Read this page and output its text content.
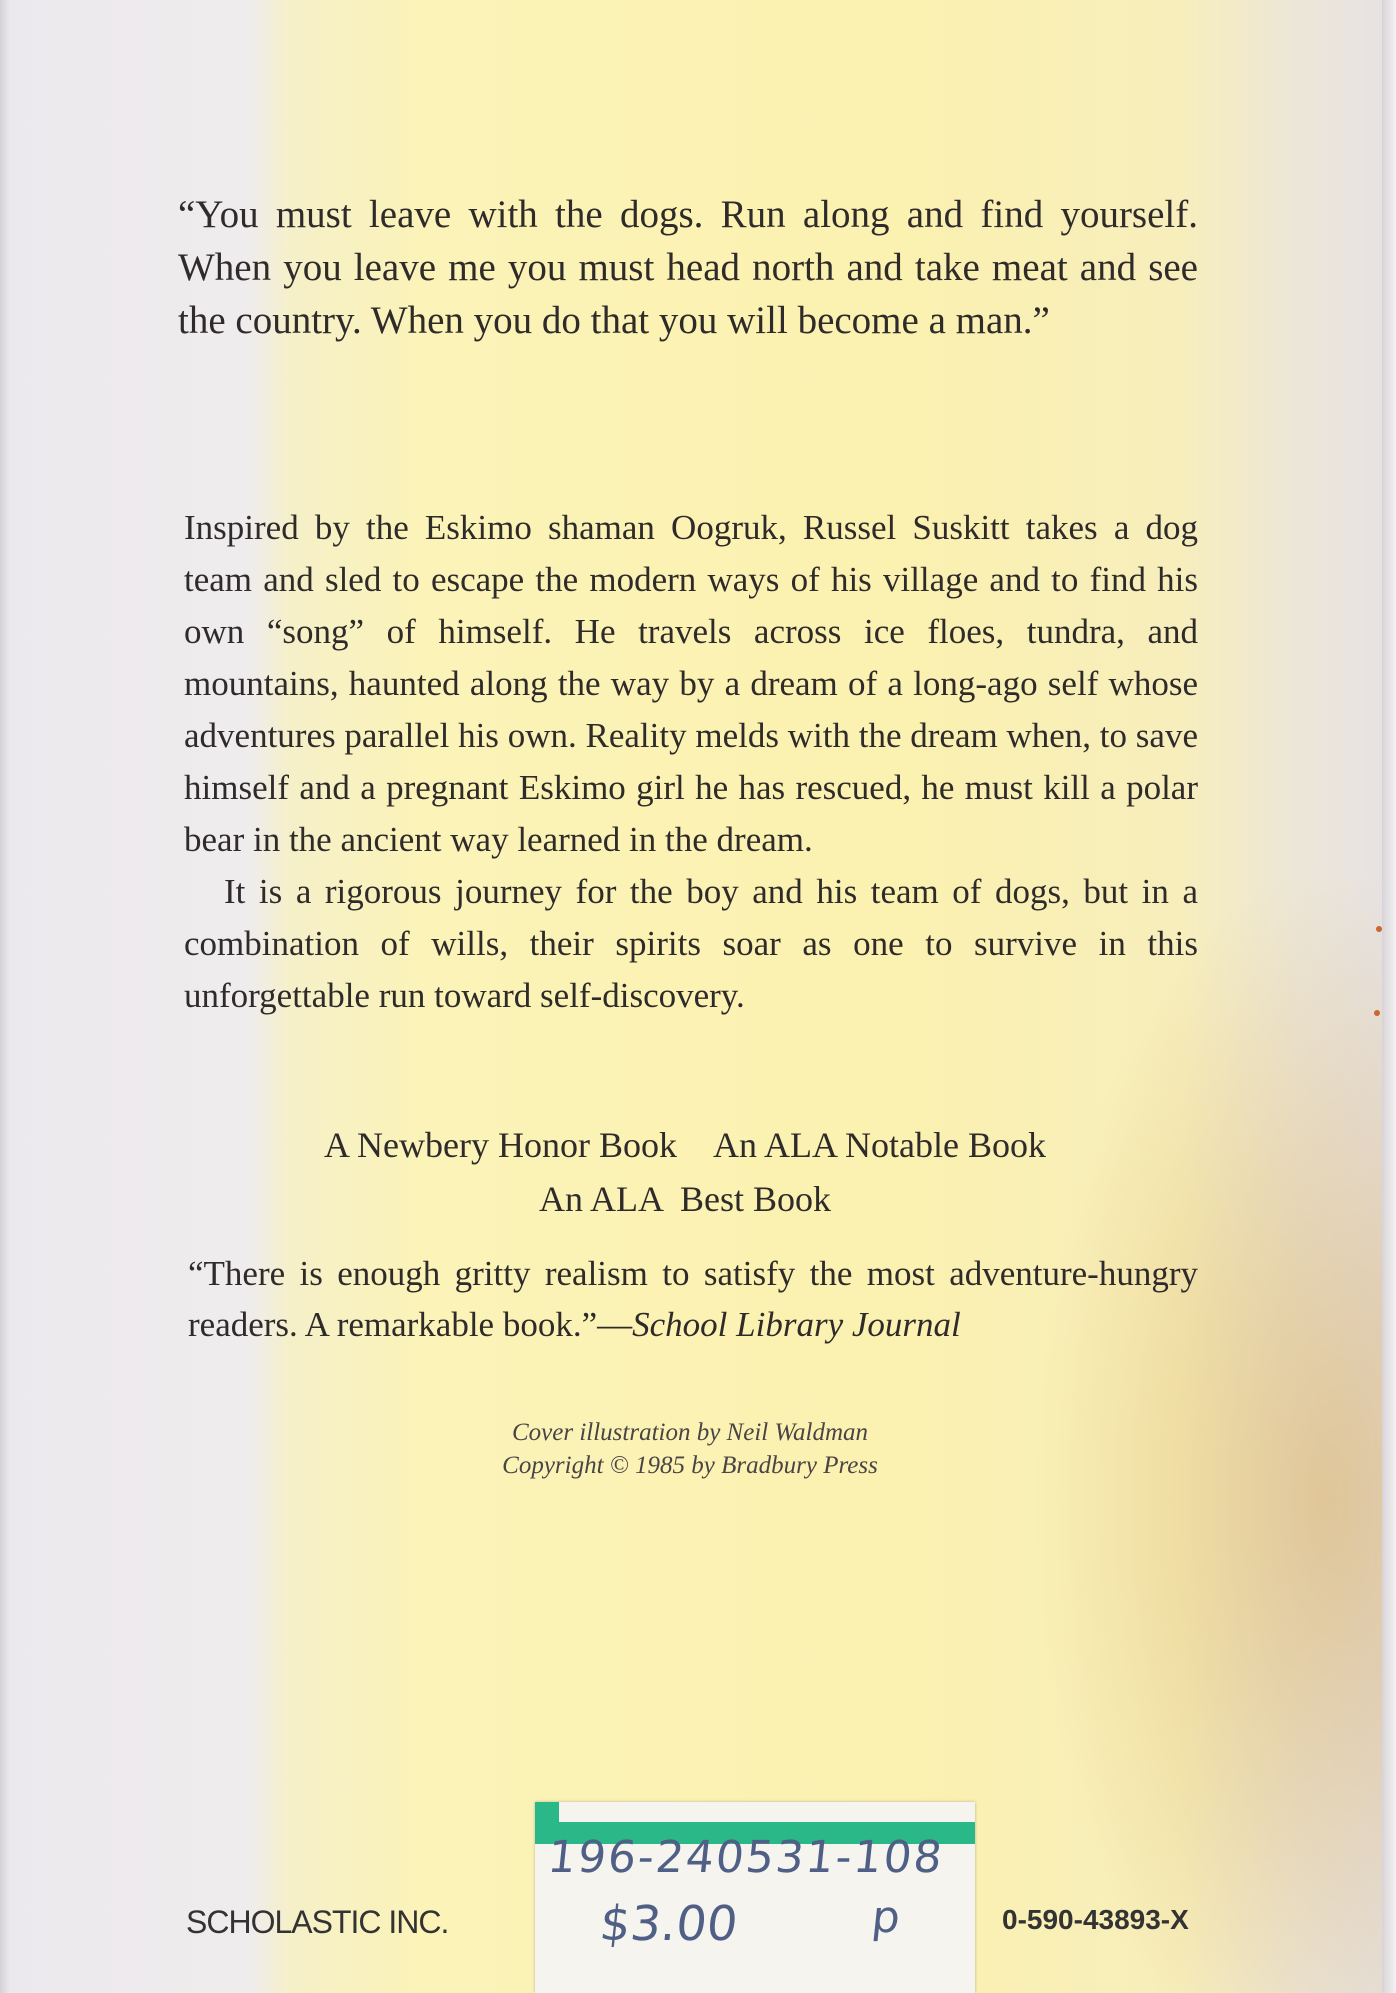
“You must leave with the dogs. Run along and find yourself. When you leave me you must head north and take meat and see the country. When you do that you will become a man.”

Inspired by the Eskimo shaman Oogruk, Russel Suskitt takes a dog team and sled to escape the modern ways of his village and to find his own “song” of himself. He travels across ice floes, tundra, and mountains, haunted along the way by a dream of a long-ago self whose adventures parallel his own. Reality melds with the dream when, to save himself and a pregnant Eskimo girl he has rescued, he must kill a polar bear in the ancient way learned in the dream.

It is a rigorous journey for the boy and his team of dogs, but in a combination of wills, their spirits soar as one to survive in this unforgettable run toward self-discovery.

A Newbery Honor Book An ALA Notable Book
An ALA  Best Book
“There is enough gritty realism to satisfy the most adventure-hungry readers. A remarkable book.”—School Library Journal
Cover illustration by Neil Waldman
Copyright © 1985 by Bradbury Press
SCHOLASTIC INC.	0-590-43893-X
196-240531-108
$3.00	p
